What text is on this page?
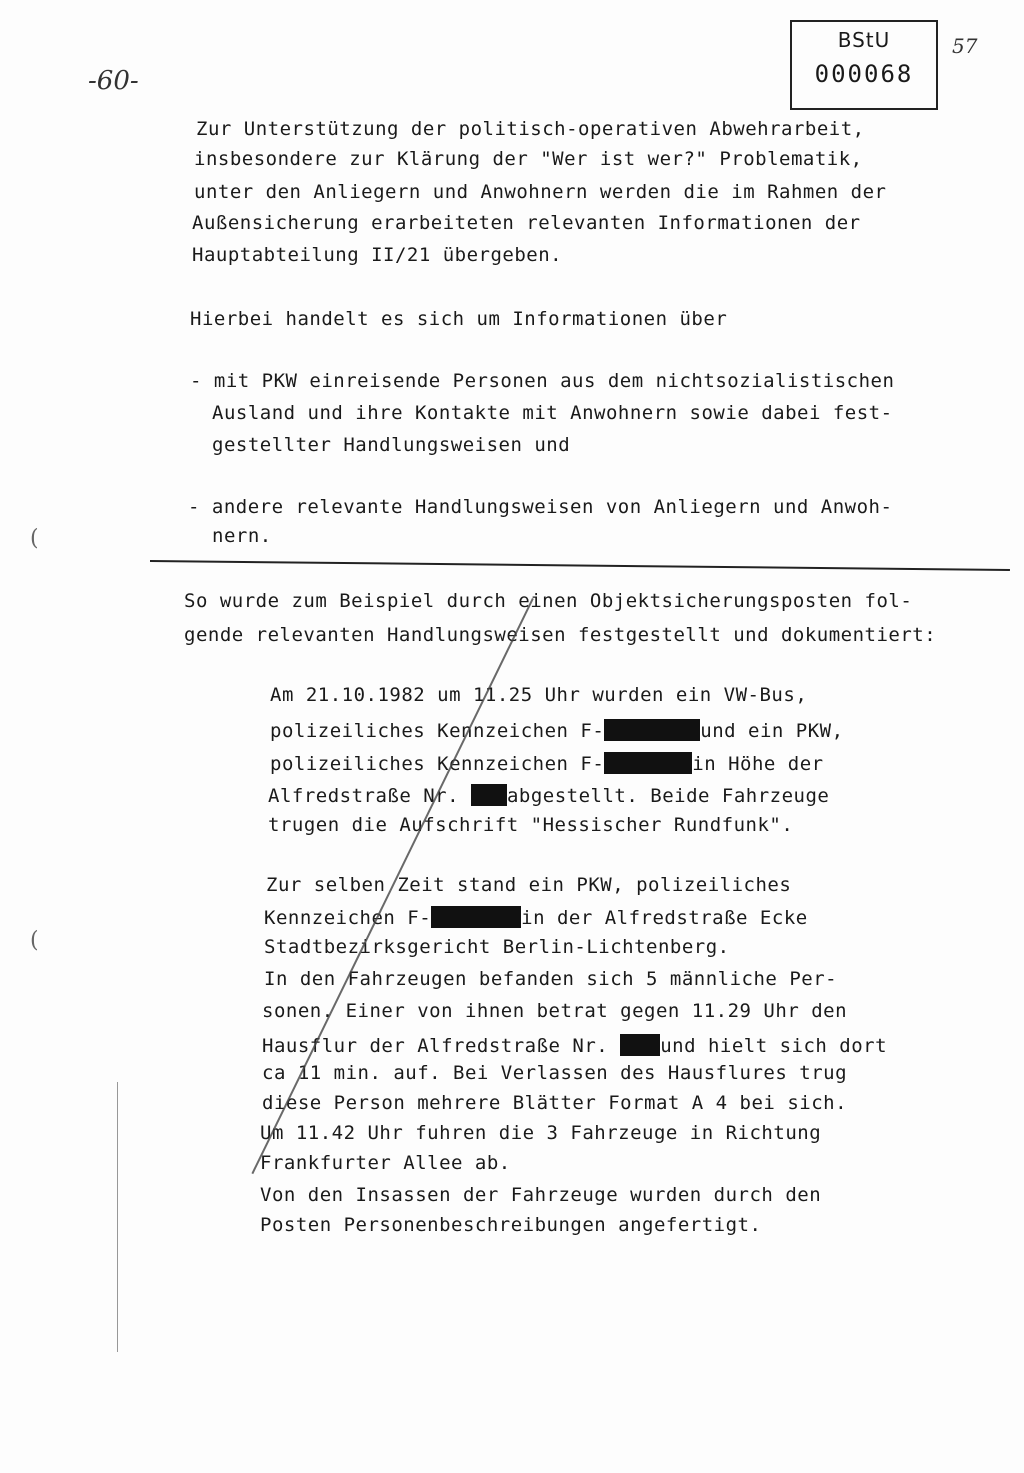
BStU
000068
-60-
57
Zur Unterstützung der politisch-operativen Abwehrarbeit,
insbesondere zur Klärung der "Wer ist wer?" Problematik,
unter den Anliegern und Anwohnern werden die im Rahmen der
Außensicherung erarbeiteten relevanten Informationen der
Hauptabteilung II/21 übergeben.
Hierbei handelt es sich um Informationen über
- mit PKW einreisende Personen aus dem nichtsozialistischen
Ausland und ihre Kontakte mit Anwohnern sowie dabei fest-
gestellter Handlungsweisen und
- andere relevante Handlungsweisen von Anliegern und Anwoh-
nern.
So wurde zum Beispiel durch einen Objektsicherungsposten fol-
gende relevanten Handlungsweisen festgestellt und dokumentiert:
Am 21.10.1982 um 11.25 Uhr wurden ein VW-Bus,
polizeiliches Kennzeichen F-	und ein PKW,
polizeiliches Kennzeichen F-	in Höhe der
Alfredstraße Nr.	abgestellt. Beide Fahrzeuge
trugen die Aufschrift "Hessischer Rundfunk".
Zur selben Zeit stand ein PKW, polizeiliches
Kennzeichen F-	in der Alfredstraße Ecke
Stadtbezirksgericht Berlin-Lichtenberg.
In den Fahrzeugen befanden sich 5 männliche Per-
sonen. Einer von ihnen betrat gegen 11.29 Uhr den
Hausflur der Alfredstraße Nr.	und hielt sich dort
ca 11 min. auf. Bei Verlassen des Hausflures trug
diese Person mehrere Blätter Format A 4 bei sich.
Um 11.42 Uhr fuhren die 3 Fahrzeuge in Richtung
Frankfurter Allee ab.
Von den Insassen der Fahrzeuge wurden durch den
Posten Personenbeschreibungen angefertigt.
(
(
